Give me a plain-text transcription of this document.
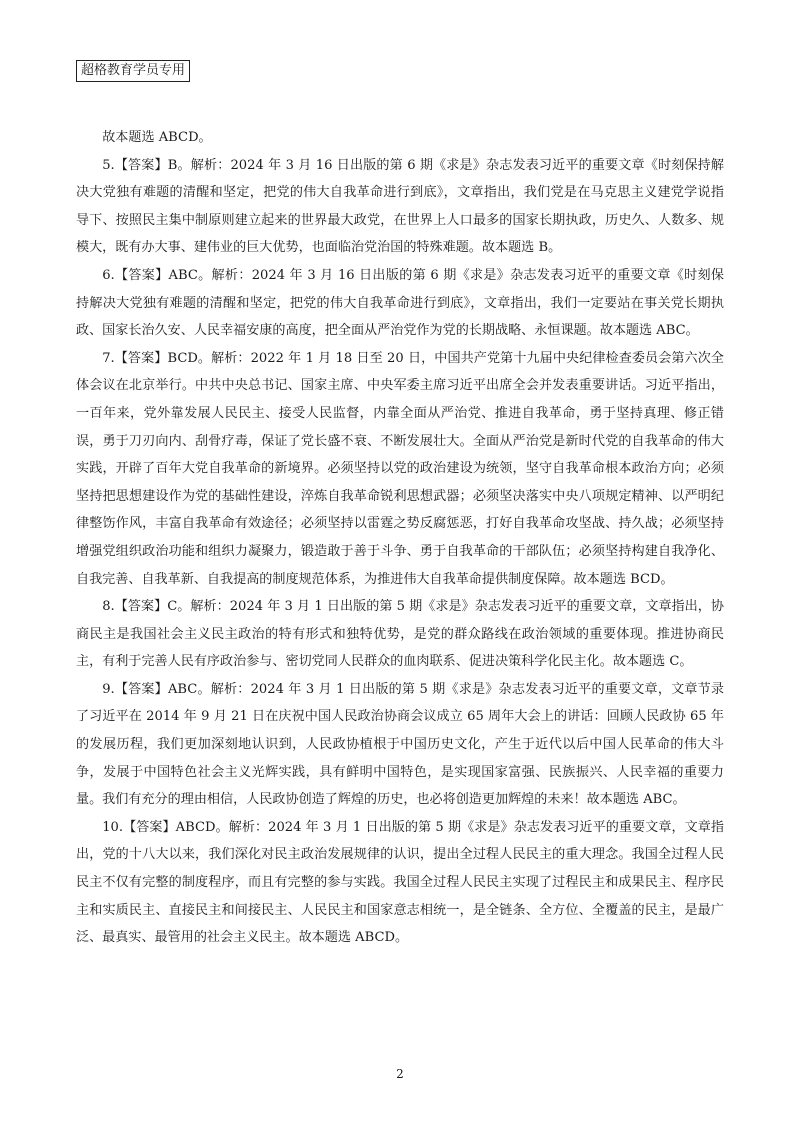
超格教育学员专用

故本题选 ABCD。

5.【答案】B。解析：2024 年 3 月 16 日出版的第 6 期《求是》杂志发表习近平的重要文章《时刻保持解决大党独有难题的清醒和坚定，把党的伟大自我革命进行到底》，文章指出，我们党是在马克思主义建党学说指导下、按照民主集中制原则建立起来的世界最大政党，在世界上人口最多的国家长期执政，历史久、人数多、规模大，既有办大事、建伟业的巨大优势，也面临治党治国的特殊难题。故本题选 B。

6.【答案】ABC。解析：2024 年 3 月 16 日出版的第 6 期《求是》杂志发表习近平的重要文章《时刻保持解决大党独有难题的清醒和坚定，把党的伟大自我革命进行到底》，文章指出，我们一定要站在事关党长期执政、国家长治久安、人民幸福安康的高度，把全面从严治党作为党的长期战略、永恒课题。故本题选 ABC。

7.【答案】BCD。解析：2022 年 1 月 18 日至 20 日，中国共产党第十九届中央纪律检查委员会第六次全体会议在北京举行。中共中央总书记、国家主席、中央军委主席习近平出席全会并发表重要讲话。习近平指出，一百年来，党外靠发展人民民主、接受人民监督，内靠全面从严治党、推进自我革命，勇于坚持真理、修正错误，勇于刀刃向内、刮骨疗毒，保证了党长盛不衰、不断发展壮大。全面从严治党是新时代党的自我革命的伟大实践，开辟了百年大党自我革命的新境界。必须坚持以党的政治建设为统领，坚守自我革命根本政治方向；必须坚持把思想建设作为党的基础性建设，淬炼自我革命锐利思想武器；必须坚决落实中央八项规定精神、以严明纪律整饬作风，丰富自我革命有效途径；必须坚持以雷霆之势反腐惩恶，打好自我革命攻坚战、持久战；必须坚持增强党组织政治功能和组织力凝聚力，锻造敢于善于斗争、勇于自我革命的干部队伍；必须坚持构建自我净化、自我完善、自我革新、自我提高的制度规范体系，为推进伟大自我革命提供制度保障。故本题选 BCD。

8.【答案】C。解析：2024 年 3 月 1 日出版的第 5 期《求是》杂志发表习近平的重要文章，文章指出，协商民主是我国社会主义民主政治的特有形式和独特优势，是党的群众路线在政治领域的重要体现。推进协商民主，有利于完善人民有序政治参与、密切党同人民群众的血肉联系、促进决策科学化民主化。故本题选 C。

9.【答案】ABC。解析：2024 年 3 月 1 日出版的第 5 期《求是》杂志发表习近平的重要文章，文章节录了习近平在 2014 年 9 月 21 日在庆祝中国人民政治协商会议成立 65 周年大会上的讲话：回顾人民政协 65 年的发展历程，我们更加深刻地认识到，人民政协植根于中国历史文化，产生于近代以后中国人民革命的伟大斗争，发展于中国特色社会主义光辉实践，具有鲜明中国特色，是实现国家富强、民族振兴、人民幸福的重要力量。我们有充分的理由相信，人民政协创造了辉煌的历史，也必将创造更加辉煌的未来！故本题选 ABC。

10.【答案】ABCD。解析：2024 年 3 月 1 日出版的第 5 期《求是》杂志发表习近平的重要文章，文章指出，党的十八大以来，我们深化对民主政治发展规律的认识，提出全过程人民民主的重大理念。我国全过程人民民主不仅有完整的制度程序，而且有完整的参与实践。我国全过程人民民主实现了过程民主和成果民主、程序民主和实质民主、直接民主和间接民主、人民民主和国家意志相统一，是全链条、全方位、全覆盖的民主，是最广泛、最真实、最管用的社会主义民主。故本题选 ABCD。

2
